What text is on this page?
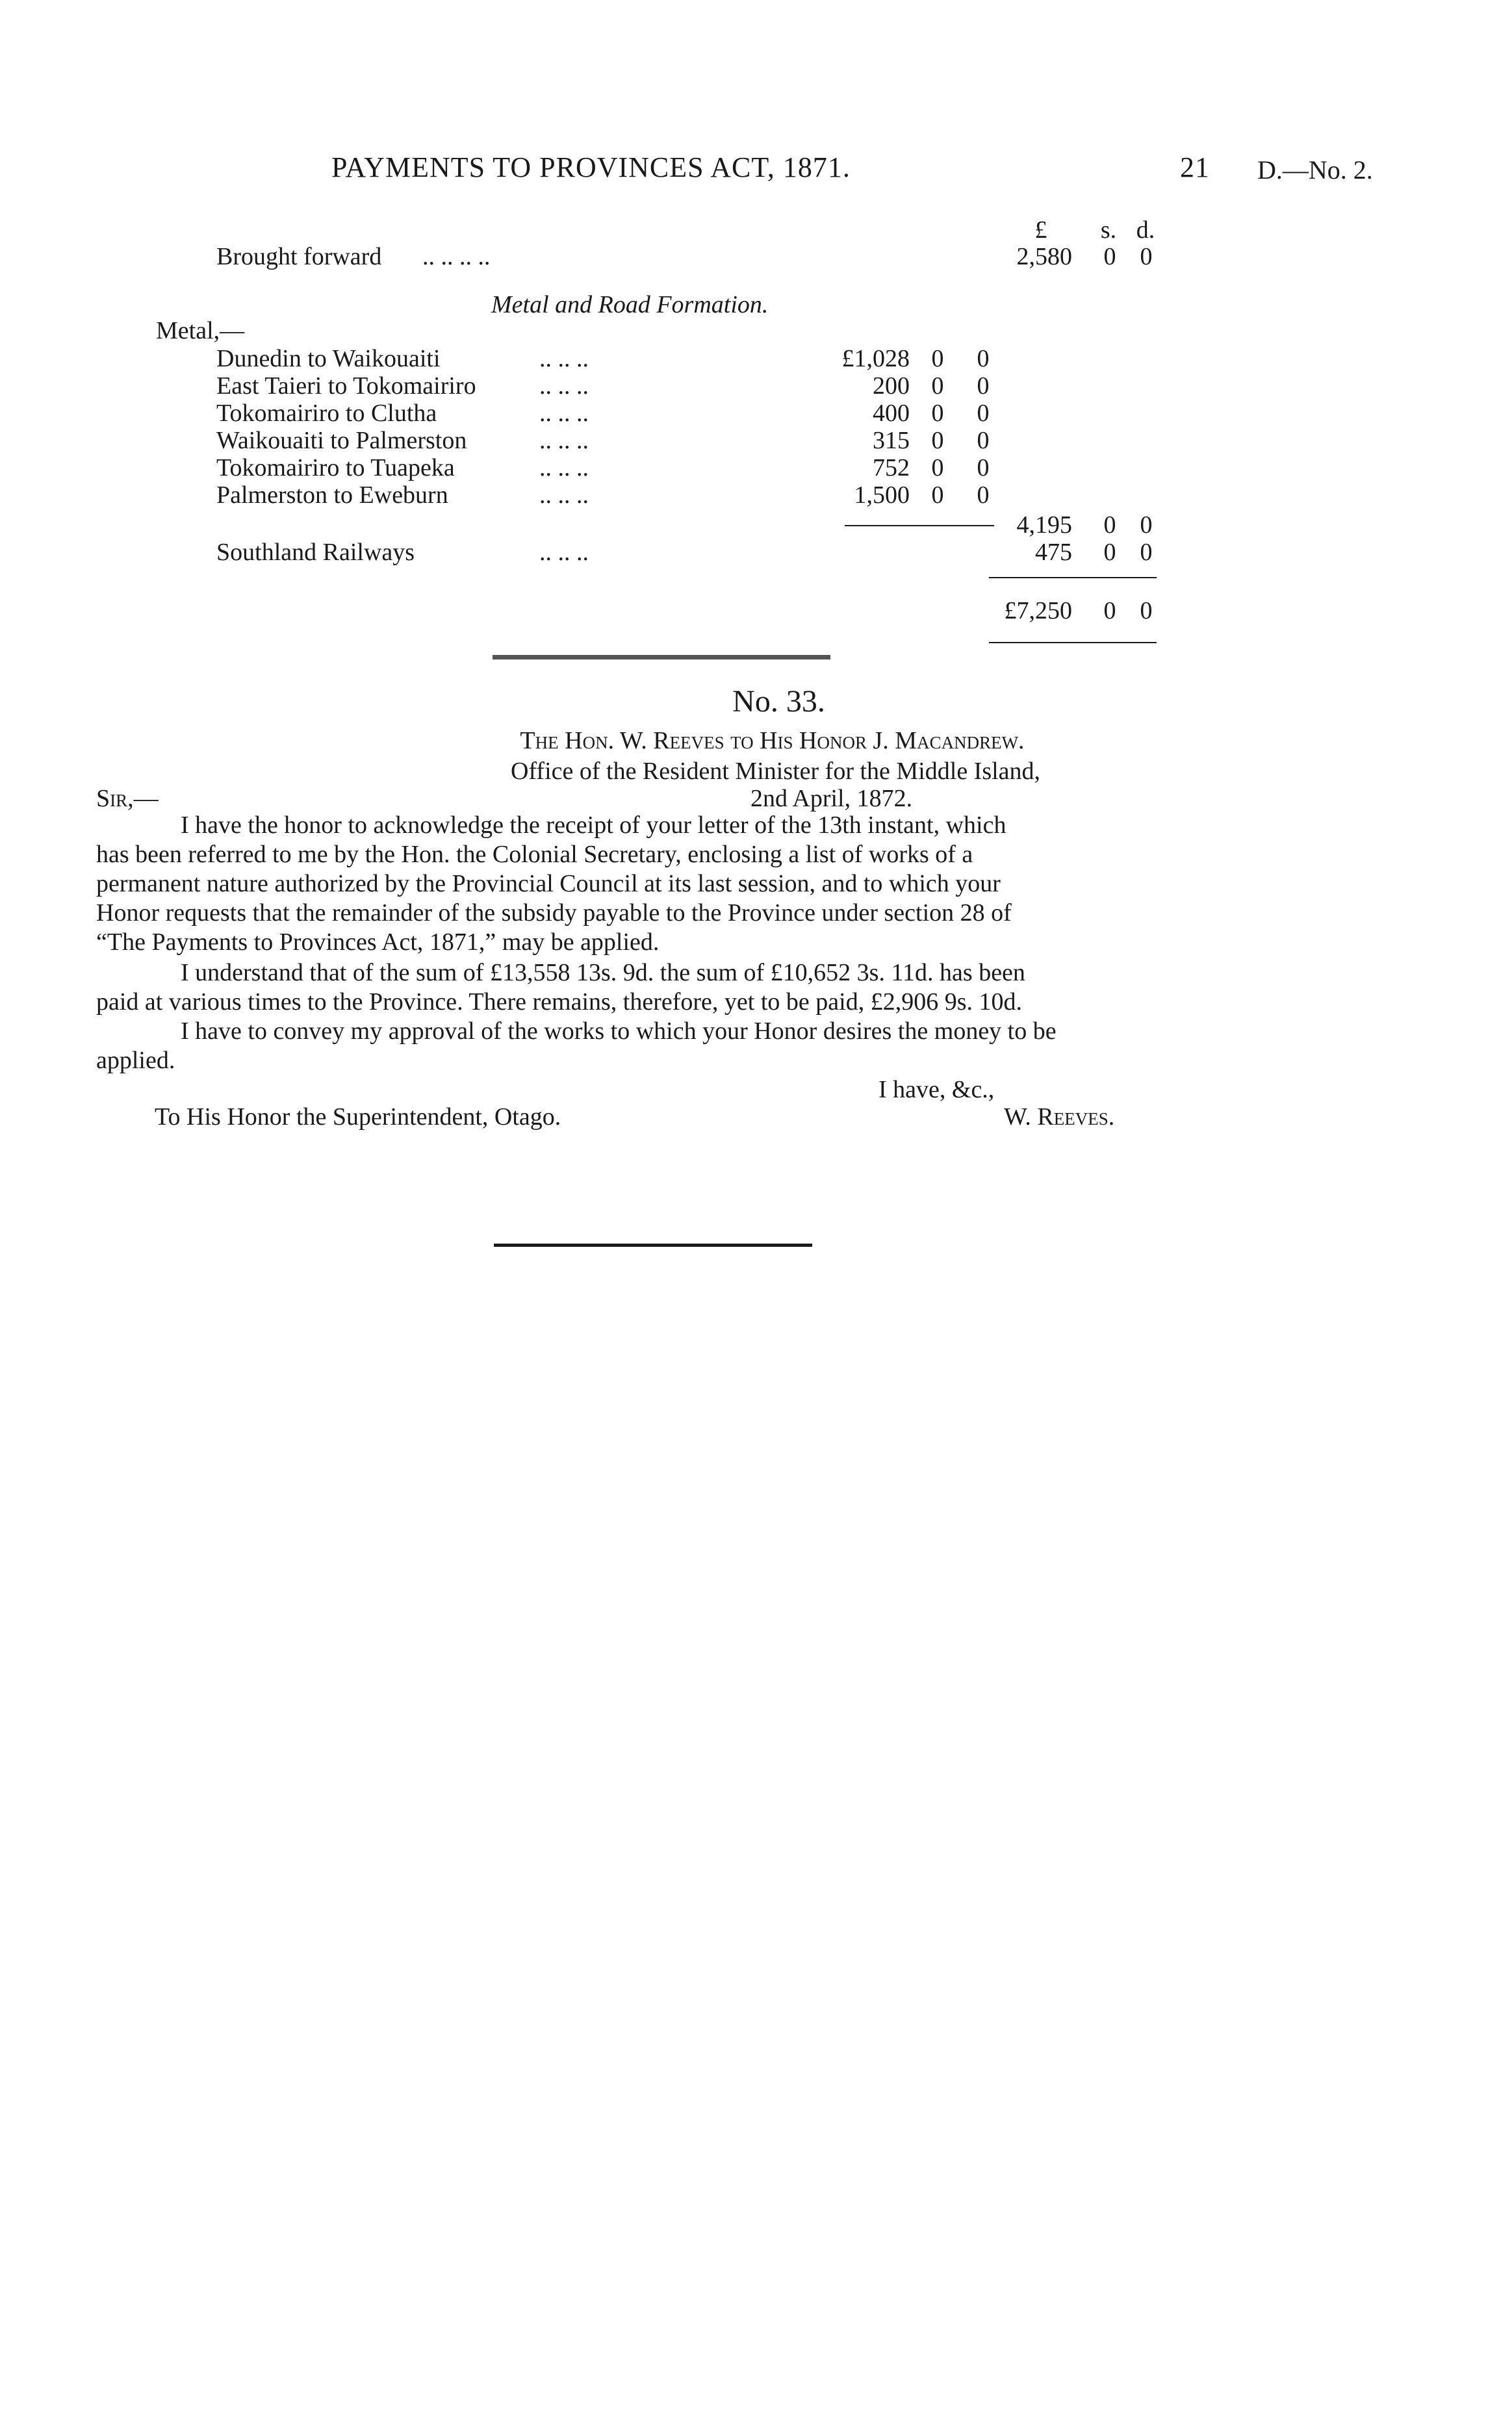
PAYMENTS TO PROVINCES ACT, 1871.	21 D.—No. 2.
£	s. d.
Brought forward .. .. .. ..	2,580 0 0
Metal and Road Formation.
Metal,—
Dunedin to Waikouaiti	.. .. ..	£1,028 0 0
East Taieri to Tokomairiro	.. .. ..	200 0 0
Tokomairiro to Clutha	.. .. ..	400 0 0
Waikouaiti to Palmerston	.. .. ..	315 0 0
Tokomairiro to Tuapeka	.. .. ..	752 0 0
Palmerston to Eweburn	.. .. ..	1,500 0 0
4,195 0 0
Southland Railways	.. .. ..	475 0 0
£7,250 0 0
No. 33.
The Hon. W. Reeves to His Honor J. Macandrew.
Office of the Resident Minister for the Middle Island,
2nd April, 1872.
Sir,—
I have the honor to acknowledge the receipt of your letter of the 13th instant, which
has been referred to me by the Hon. the Colonial Secretary, enclosing a list of works of a
permanent nature authorized by the Provincial Council at its last session, and to which your
Honor requests that the remainder of the subsidy payable to the Province under section 28 of
“The Payments to Provinces Act, 1871,” may be applied.
I understand that of the sum of £13,558 13s. 9d. the sum of £10,652 3s. 11d. has been
paid at various times to the Province. There remains, therefore, yet to be paid, £2,906 9s. 10d.
I have to convey my approval of the works to which your Honor desires the money to be
applied.
I have, &c.,
To His Honor the Superintendent, Otago.	W. Reeves.
